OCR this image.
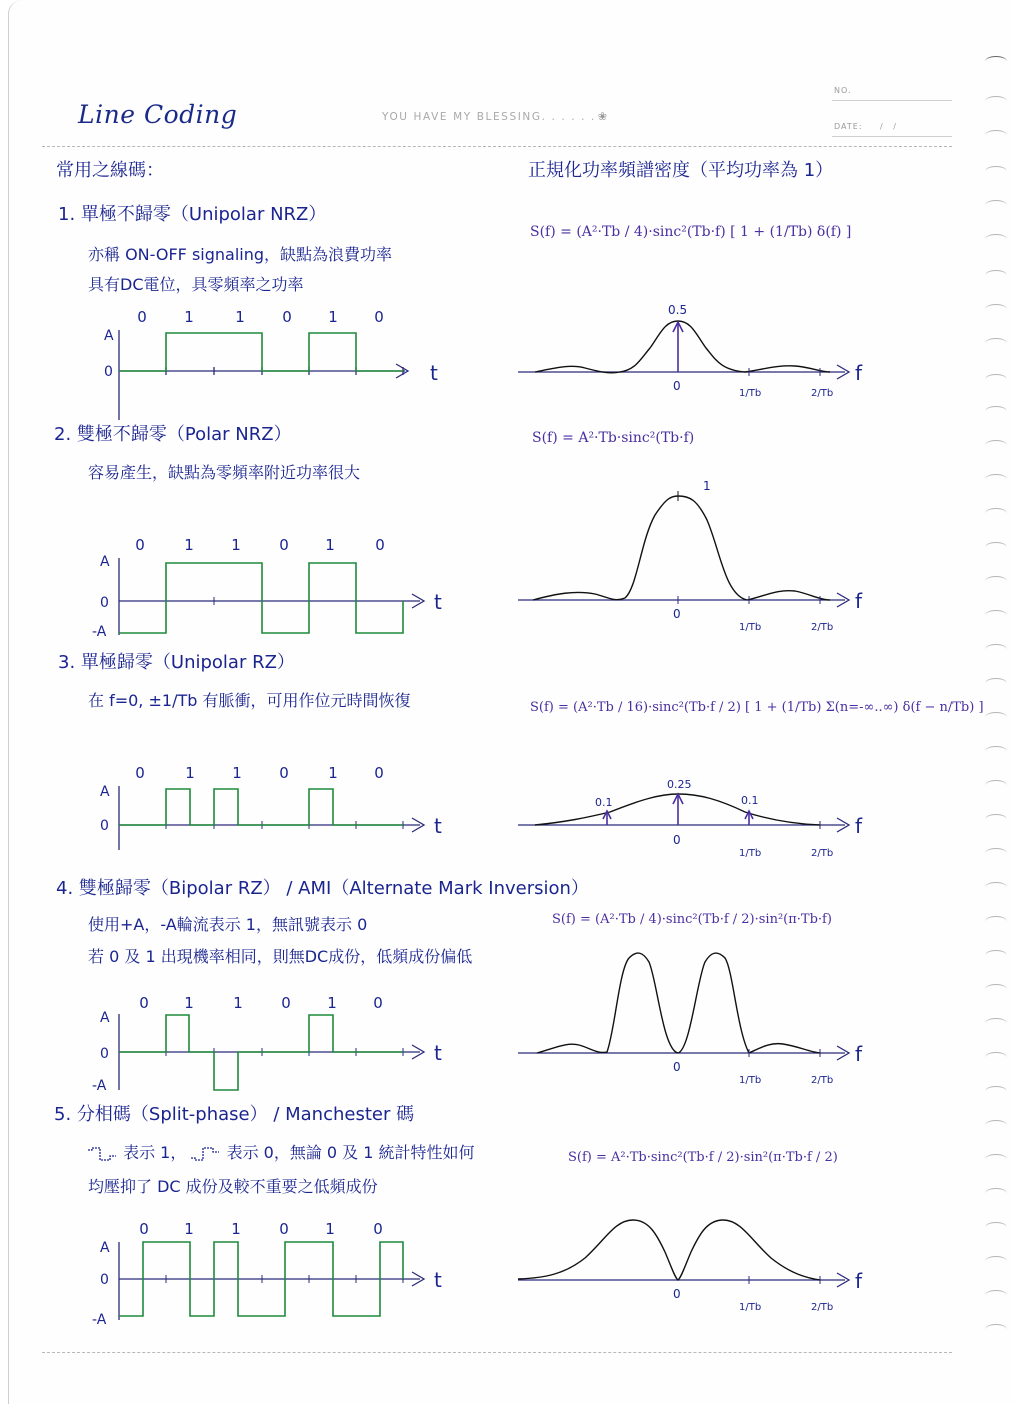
Line Coding	YOU HAVE MY BLESSING. . . . . . ❀
NO.
DATE: / /
常用之線碼：	正規化功率頻譜密度（平均功率為 1）
1. 單極不歸零（Unipolar NRZ）
亦稱 ON-OFF signaling，缺點為浪費功率
具有DC電位，具零頻率之功率
S(f) = (A²·Tb / 4)·sinc²(Tb·f) [ 1 + (1/Tb) δ(f) ]
0 1	1 0 1 0
A
0	t	f
0.5
0
1/Tb	2/Tb
2. 雙極不歸零（Polar NRZ）
容易產生，缺點為零頻率附近功率很大
S(f) = A²·Tb·sinc²(Tb·f)
0	1 1	0 1	0
A
0
-A
t	f
1
0
1/Tb	2/Tb
3. 單極歸零（Unipolar RZ）
在 f=0, ±1/Tb 有脈衝，可用作位元時間恢復	S(f) = (A²·Tb / 16)·sinc²(Tb·f / 2) [ 1 + (1/Tb) Σ(n=-∞..∞) δ(f − n/Tb) ]
0	1 1 0	1 0
A
0	t	f
0.25
0.1	0.1
0
1/Tb	2/Tb
4. 雙極歸零（Bipolar RZ） / AMI（Alternate Mark Inversion）
使用+A，-A輪流表示 1，無訊號表示 0
若 0 及 1 出現機率相同，則無DC成份，低頻成份偏低
S(f) = (A²·Tb / 4)·sinc²(Tb·f / 2)·sin²(π·Tb·f)
0 1	1	0 1 0
A
0
-A
t	f
0
1/Tb	2/Tb
5. 分相碼（Split-phase） / Manchester 碼
表示 1，	表示 0，無論 0 及 1 統計特性如何
均壓抑了 DC 成份及較不重要之低頻成份
S(f) = A²·Tb·sinc²(Tb·f / 2)·sin²(π·Tb·f / 2)
0 1 1	0 1	0
A
0
-A
t	f
0
1/Tb	2/Tb
